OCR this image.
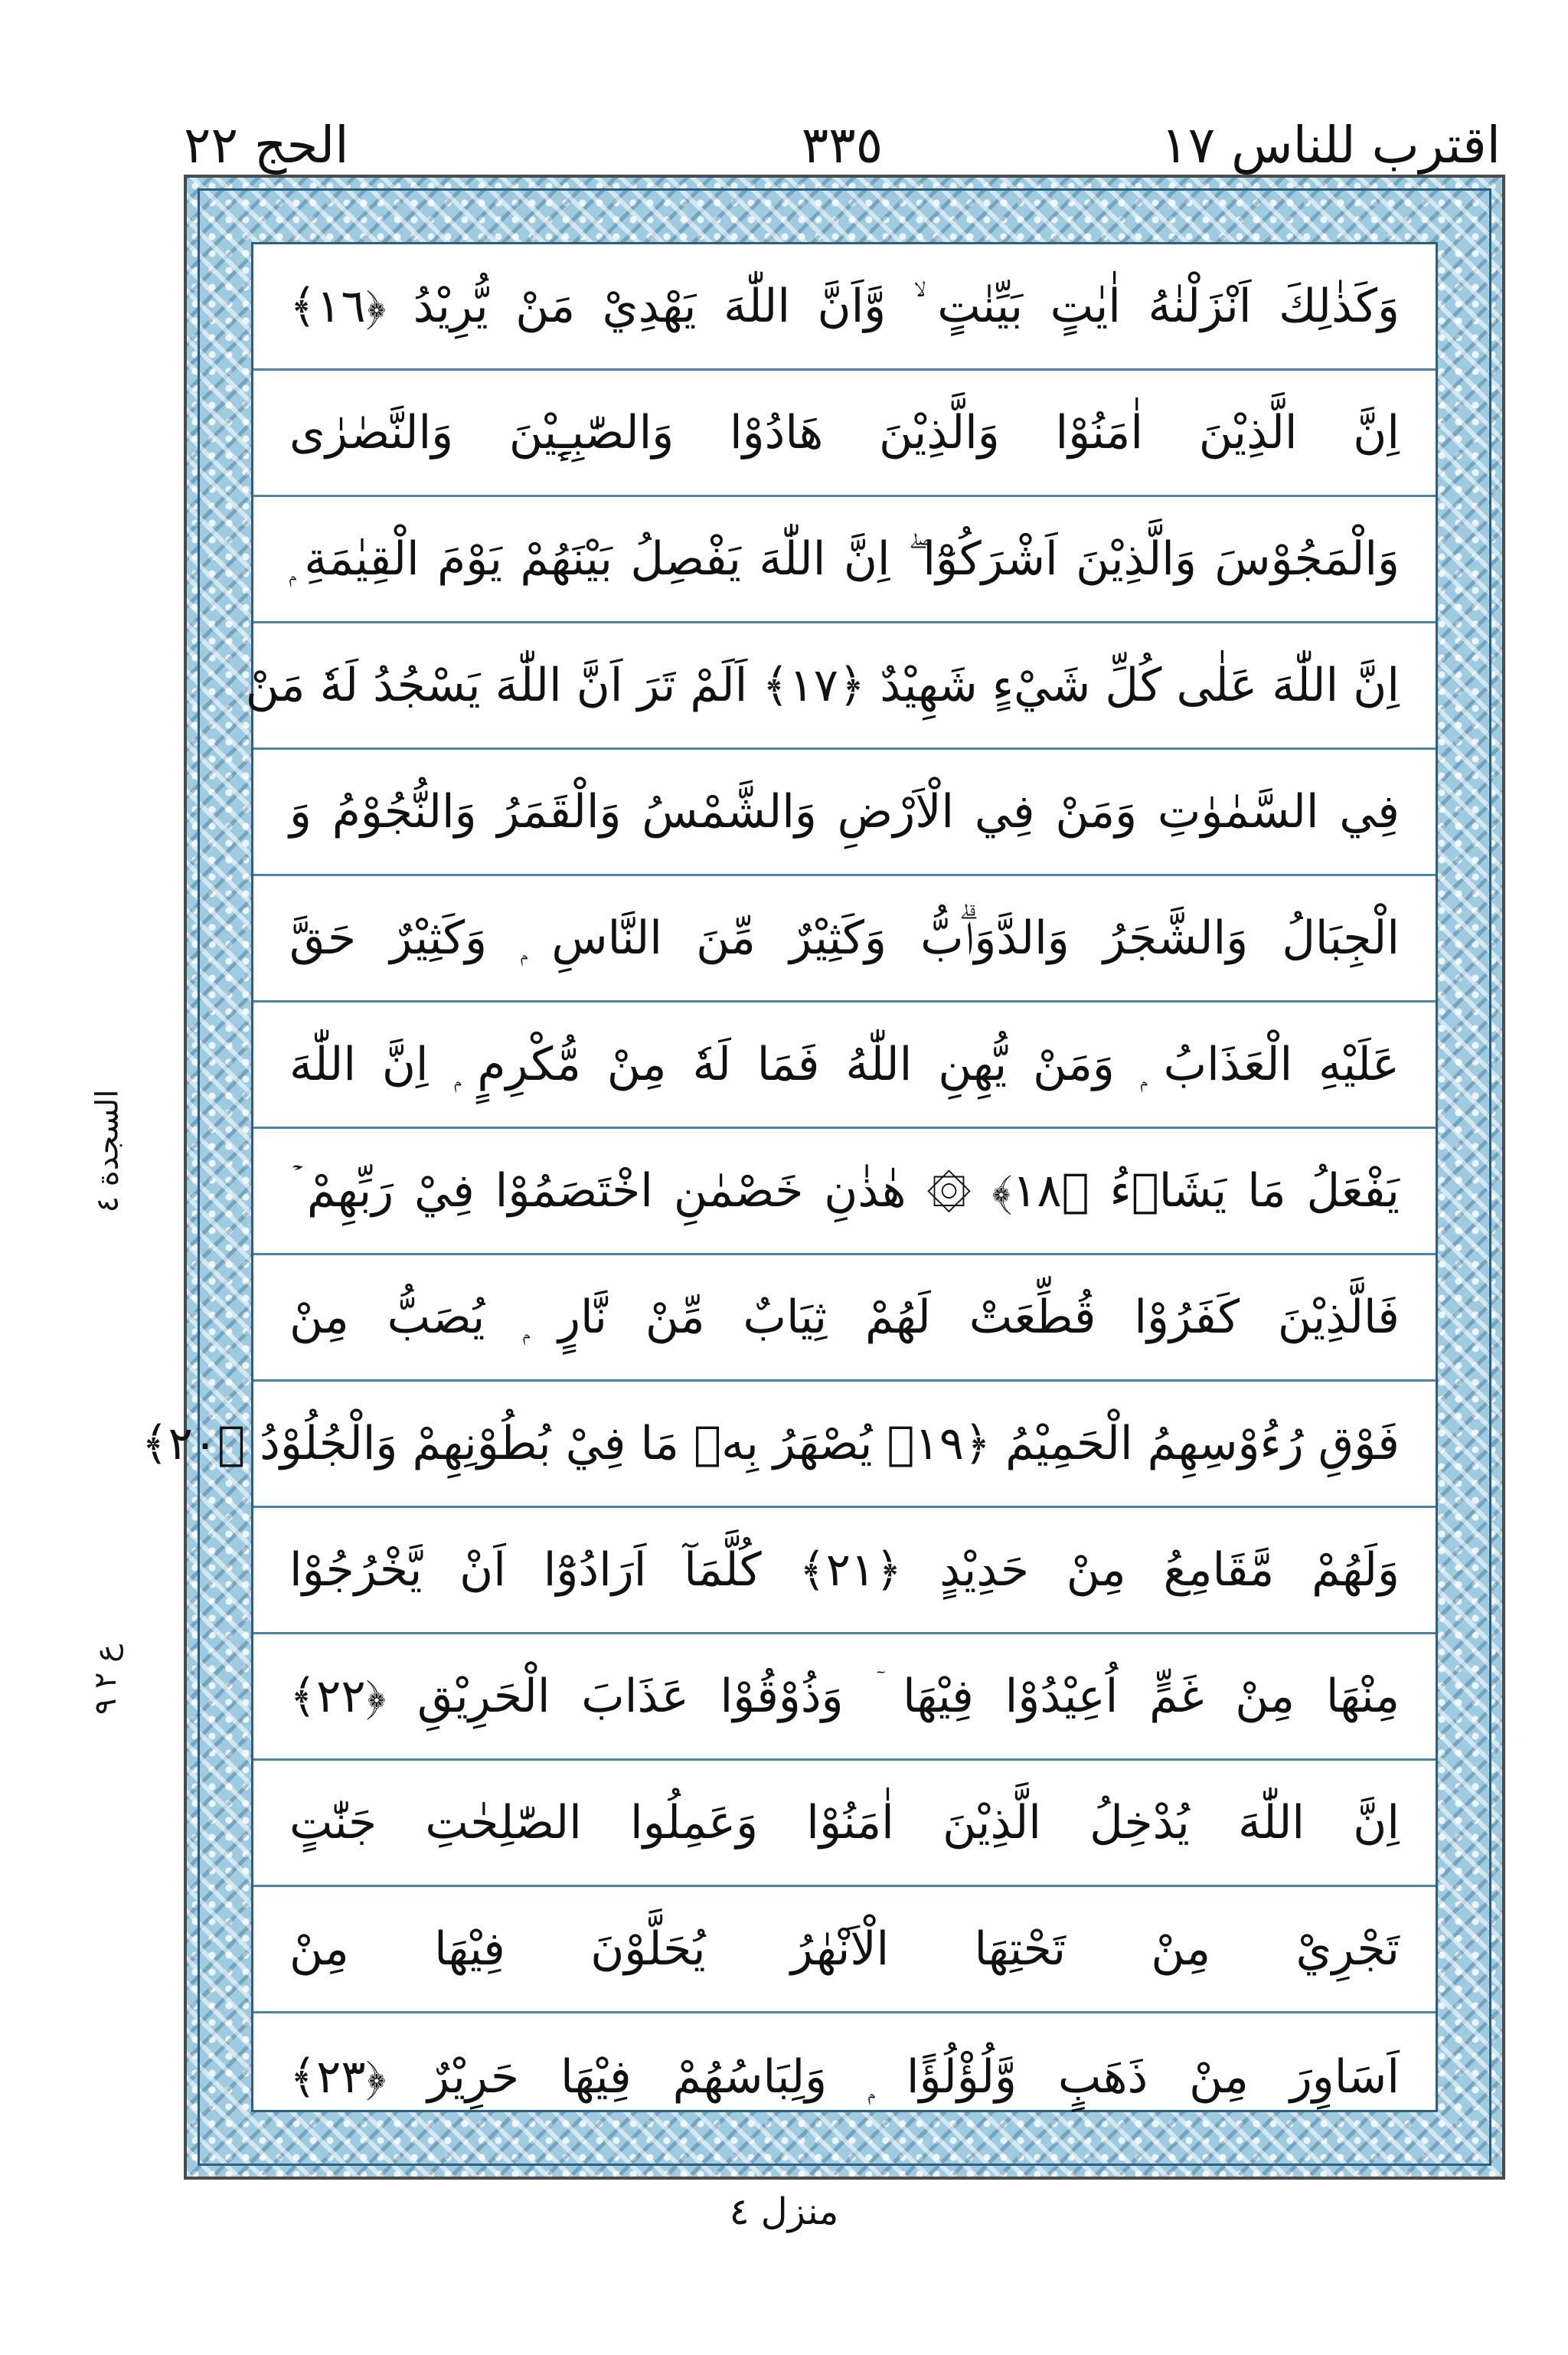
اقترب للناس ١٧
٣٣٥
الحج ٢٢
وَكَذٰلِكَ اَنْزَلْنٰهُ اٰيٰتٍ بَيِّنٰتٍ ۙ وَّاَنَّ اللّٰهَ يَهْدِيْ مَنْ يُّرِيْدُ ﴿١٦﴾
اِنَّ الَّذِيْنَ اٰمَنُوْا وَالَّذِيْنَ هَادُوْا وَالصّٰبِـِٕيْنَ وَالنَّصٰرٰى
وَالْمَجُوْسَ وَالَّذِيْنَ اَشْرَكُوْٓا ۖ اِنَّ اللّٰهَ يَفْصِلُ بَيْنَهُمْ يَوْمَ الْقِيٰمَةِ ۭ
اِنَّ اللّٰهَ عَلٰى كُلِّ شَيْءٍ شَهِيْدٌ ﴿١٧﴾ اَلَمْ تَرَ اَنَّ اللّٰهَ يَسْجُدُ لَهٗ مَنْ
فِي السَّمٰوٰتِ وَمَنْ فِي الْاَرْضِ وَالشَّمْسُ وَالْقَمَرُ وَالنُّجُوْمُ وَ
الْجِبَالُ وَالشَّجَرُ وَالدَّوَاۗبُّ وَكَثِيْرٌ مِّنَ النَّاسِ ۭ وَكَثِيْرٌ حَقَّ
عَلَيْهِ الْعَذَابُ ۭ وَمَنْ يُّهِنِ اللّٰهُ فَمَا لَهٗ مِنْ مُّكْرِمٍ ۭ اِنَّ اللّٰهَ
يَفْعَلُ مَا يَشَاۗءُ ﴿١٨﴾ ۞ هٰذٰنِ خَصْمٰنِ اخْتَصَمُوْا فِيْ رَبِّهِمْ ۡ
فَالَّذِيْنَ كَفَرُوْا قُطِّعَتْ لَهُمْ ثِيَابٌ مِّنْ نَّارٍ ۭ يُصَبُّ مِنْ
فَوْقِ رُءُوْسِهِمُ الْحَمِيْمُ ﴿١٩﴾ يُصْهَرُ بِهٖ مَا فِيْ بُطُوْنِهِمْ وَالْجُلُوْدُ ﴿٢٠﴾
وَلَهُمْ مَّقَامِعُ مِنْ حَدِيْدٍ ﴿٢١﴾ كُلَّمَآ اَرَادُوْٓا اَنْ يَّخْرُجُوْا
مِنْهَا مِنْ غَمٍّ اُعِيْدُوْا فِيْهَا ۤ وَذُوْقُوْا عَذَابَ الْحَرِيْقِ ﴿٢٢﴾
اِنَّ اللّٰهَ يُدْخِلُ الَّذِيْنَ اٰمَنُوْا وَعَمِلُوا الصّٰلِحٰتِ جَنّٰتٍ
تَجْرِيْ مِنْ تَحْتِهَا الْاَنْهٰرُ يُحَلَّوْنَ فِيْهَا مِنْ
اَسَاوِرَ مِنْ ذَهَبٍ وَّلُؤْلُؤًا ۭ وَلِبَاسُهُمْ فِيْهَا حَرِيْرٌ ﴿٢٣﴾
السجدة ٤
ع ٢ ٩
منزل ٤
